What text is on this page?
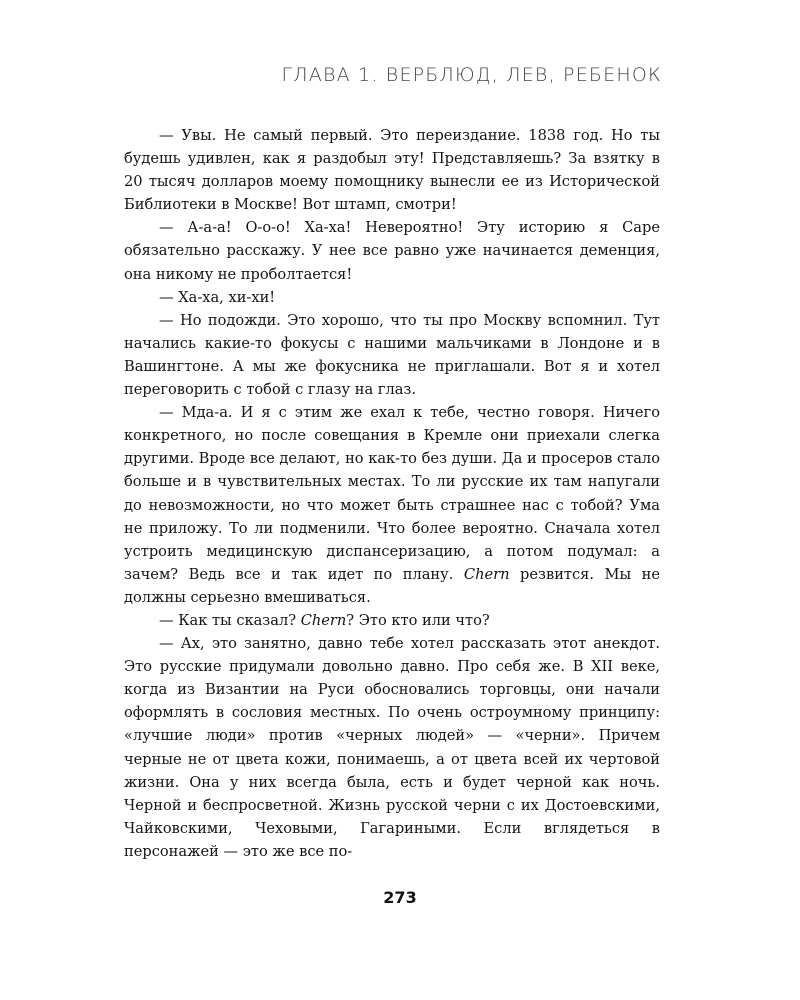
ГЛАВА 1. ВЕРБЛЮД, ЛЕВ, РЕБЕНОК

— Увы. Не самый первый. Это переиздание. 1838 год. Но ты будешь удивлен, как я раздобыл эту! Представляешь? За взятку в 20 тысяч долларов моему помощнику вынесли ее из Исторической Библиотеки в Москве! Вот штамп, смотри!

— А-а-а! О-о-о! Ха-ха! Невероятно! Эту историю я Саре обязательно расскажу. У нее все равно уже начинается деменция, она никому не проболтается!

— Ха-ха, хи-хи!

— Но подожди. Это хорошо, что ты про Москву вспомнил. Тут начались какие-то фокусы с нашими мальчиками в Лондоне и в Вашингтоне. А мы же фокусника не приглашали. Вот я и хотел переговорить с тобой с глазу на глаз.

— Мда-а. И я с этим же ехал к тебе, честно говоря. Ничего конкретного, но после совещания в Кремле они приехали слегка другими. Вроде все делают, но как-то без души. Да и просеров стало больше и в чувствительных местах. То ли русские их там напугали до невозможности, но что может быть страшнее нас с тобой? Ума не приложу. То ли подменили. Что более вероятно. Сначала хотел устроить медицинскую диспансеризацию, а потом подумал: а зачем? Ведь все и так идет по плану. Chern резвится. Мы не должны серьезно вмешиваться.

— Как ты сказал? Chern? Это кто или что?

— Ах, это занятно, давно тебе хотел рассказать этот анекдот. Это русские придумали довольно давно. Про себя же. В XII веке, когда из Византии на Руси обосновались торговцы, они начали оформлять в сословия местных. По очень остроумному принципу: «лучшие люди» против «черных людей» — «черни». Причем черные не от цвета кожи, понимаешь, а от цвета всей их чертовой жизни. Она у них всегда была, есть и будет черной как ночь. Черной и беспросветной. Жизнь русской черни с их Достоевскими, Чайковскими, Чеховыми, Гагариными. Если вглядеться в персонажей — это же все по-

273
